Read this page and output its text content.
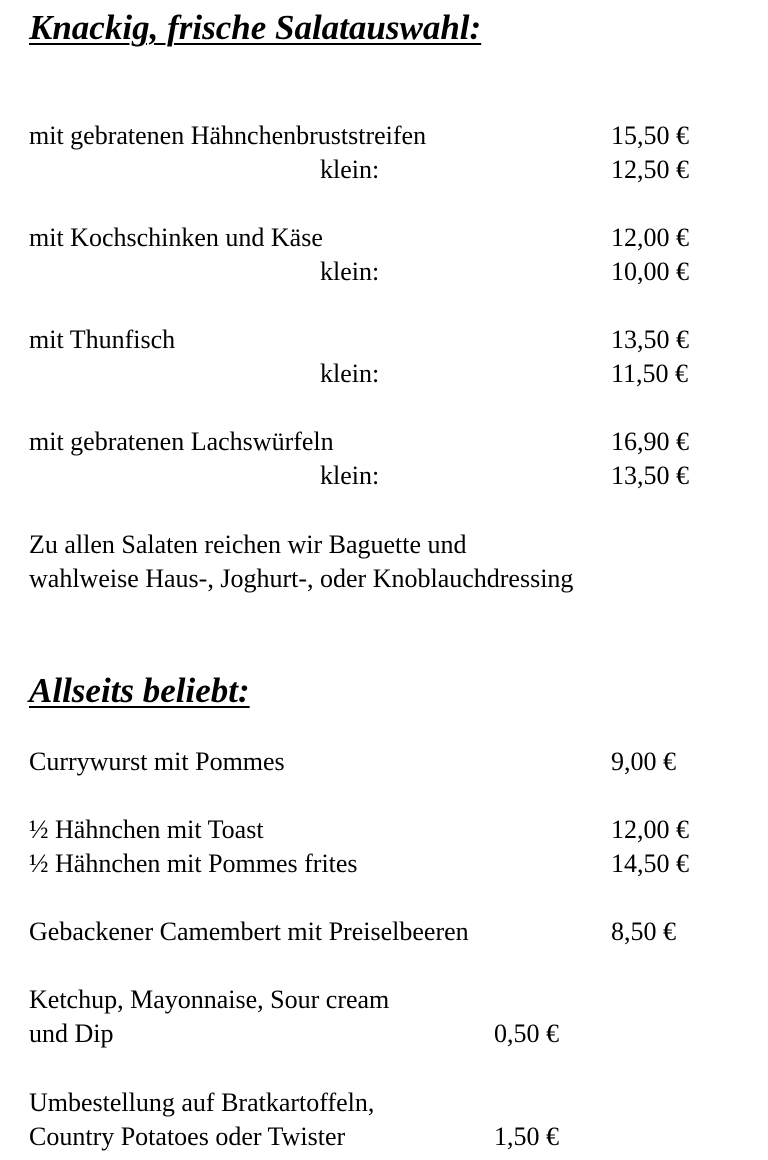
Knackig, frische Salatauswahl:
mit gebratenen Hähnchenbruststreifen	15,50 €
klein:	12,50 €
mit Kochschinken und Käse	12,00 €
klein:	10,00 €
mit Thunfisch	13,50 €
klein:	11,50 €
mit gebratenen Lachswürfeln	16,90 €
klein:	13,50 €
Zu allen Salaten reichen wir Baguette und
wahlweise Haus-, Joghurt-, oder Knoblauchdressing
Allseits beliebt:
Currywurst mit Pommes	9,00 €
½ Hähnchen mit Toast	12,00 €
½ Hähnchen mit Pommes frites	14,50 €
Gebackener Camembert mit Preiselbeeren	8,50 €
Ketchup, Mayonnaise, Sour cream
und Dip	0,50 €
Umbestellung auf Bratkartoffeln,
Country Potatoes oder Twister	1,50 €
